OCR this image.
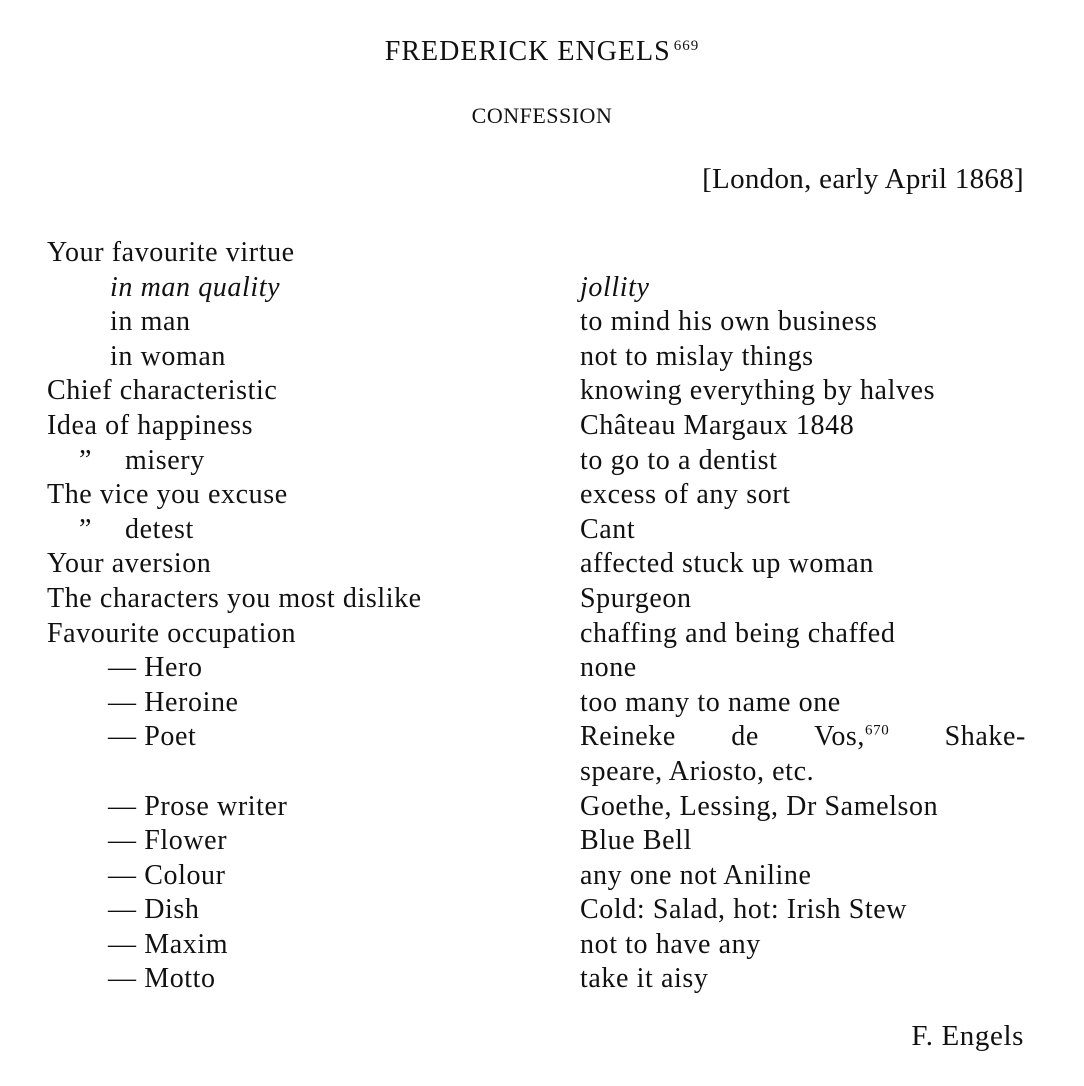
FREDERICK ENGELS $^{669}$
CONFESSION
[London, early April 1868]
Your favourite virtue
in man quality	jollity
in man	to mind his own business
in woman	not to mislay things
Chief characteristic	knowing everything by halves
Idea of happiness	Château Margaux 1848
” misery	to go to a dentist
The vice you excuse	excess of any sort
” detest	Cant
Your aversion	affected stuck up woman
The characters you most dislike	Spurgeon
Favourite occupation	chaffing and being chaffed
— Hero	none
— Heroine	too many to name one
— Poet	Reineke de Vos,$^{670}$ Shake-
speare, Ariosto, etc.
— Prose writer	Goethe, Lessing, Dr Samelson
— Flower	Blue Bell
— Colour	any one not Aniline
— Dish	Cold: Salad, hot: Irish Stew
— Maxim	not to have any
— Motto	take it aisy
F. Engels
